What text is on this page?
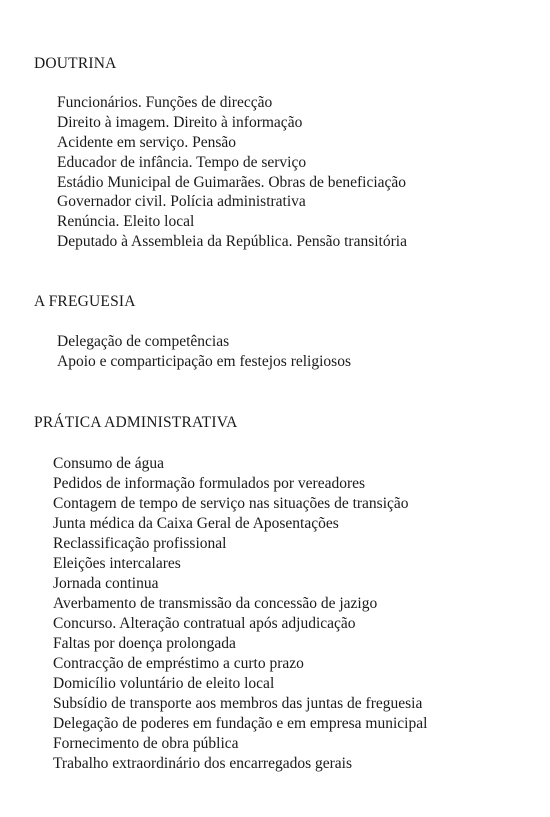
DOUTRINA
Funcionários. Funções de direcção
Direito à imagem. Direito à informação
Acidente em serviço. Pensão
Educador de infância. Tempo de serviço
Estádio Municipal de Guimarães. Obras de beneficiação
Governador civil. Polícia administrativa
Renúncia. Eleito local
Deputado à Assembleia da República. Pensão transitória
A FREGUESIA
Delegação de competências
Apoio e comparticipação em festejos religiosos
PRÁTICA ADMINISTRATIVA
Consumo de água
Pedidos de informação formulados por vereadores
Contagem de tempo de serviço nas situações de transição
Junta médica da Caixa Geral de Aposentações
Reclassificação profissional
Eleições intercalares
Jornada continua
Averbamento de transmissão da concessão de jazigo
Concurso. Alteração contratual após adjudicação
Faltas por doença prolongada
Contracção de empréstimo a curto prazo
Domicílio voluntário de eleito local
Subsídio de transporte aos membros das juntas de freguesia
Delegação de poderes em fundação e em empresa municipal
Fornecimento de obra pública
Trabalho extraordinário dos encarregados gerais
